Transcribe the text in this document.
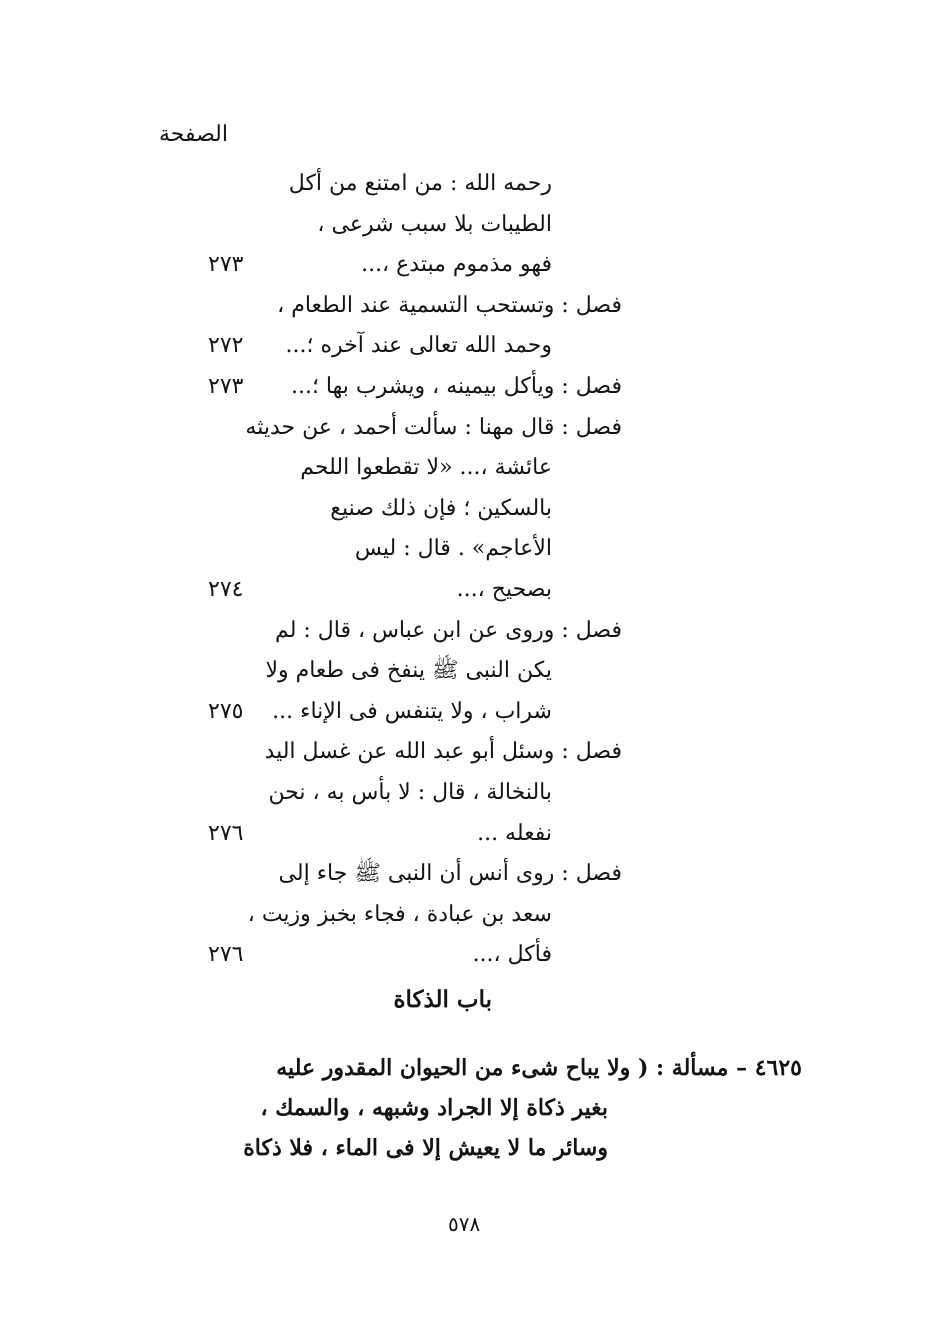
الصفحة
رحمه الله : من امتنع من أكل
الطيبات بلا سبب شرعى ،
فهو مذموم مبتدع ،...
٢٧٣
فصل : وتستحب التسمية عند الطعام ،
وحمد الله تعالى عند آخره ؛...
٢٧٢
فصل : ويأكل بيمينه ، ويشرب بها ؛...
٢٧٣
فصل : قال مهنا : سألت أحمد ، عن حديثه
عائشة ،... «لا تقطعوا اللحم
بالسكين ؛ فإن ذلك صنيع
الأعاجم» . قال : ليس
بصحيح ،...
٢٧٤
فصل : وروى عن ابن عباس ، قال : لم
يكن النبى ﷺ ينفخ فى طعام ولا
شراب ، ولا يتنفس فى الإناء ...
٢٧٥
فصل : وسئل أبو عبد الله عن غسل اليد
بالنخالة ، قال : لا بأس به ، نحن
نفعله ...
٢٧٦
فصل : روى أنس أن النبى ﷺ جاء إلى
سعد بن عبادة ، فجاء بخبز وزيت ،
فأكل ،...
٢٧٦
باب الذكاة
٤٦٢٥ – مسألة : ( ولا يباح شىء من الحيوان المقدور عليه
بغير ذكاة إلا الجراد وشبهه ، والسمك ،
وسائر ما لا يعيش إلا فى الماء ، فلا ذكاة
٥٧٨
